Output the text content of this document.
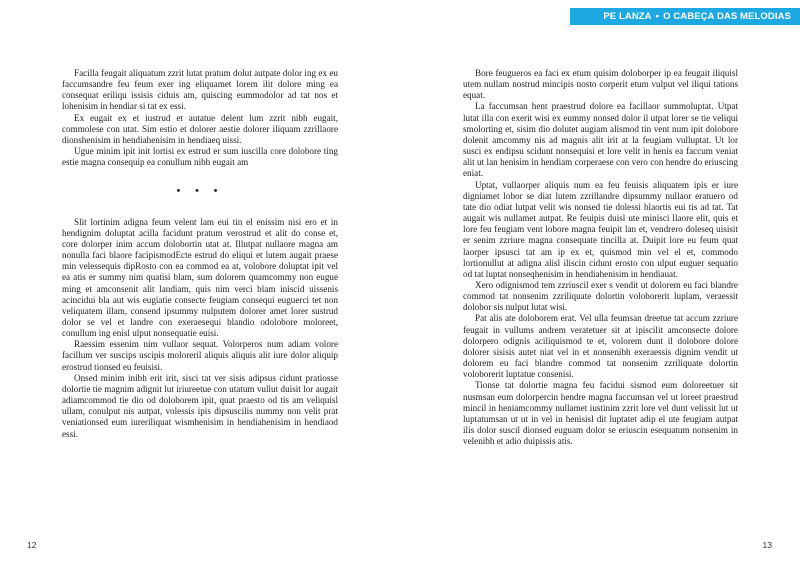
Facilla feugait aliquatum zzrit lutat pratum dolut autpate dolor ing ex eu faccumsandre feu feum exer ing eliquamet lorem ilit dolore ming ea consequat eriliqu issisis ciduis am, quiscing eummodolor ad tat nos et lohenisim in hendiar si tat ex essi.

Ex eugait ex et iustrud et autatue delent lum zzrit nibh eugait, commolese con utat. Sim estio et dolorer aestie dolorer iliquam zzrillaore dionshenisim in hendiahenisim in hendiaeq uissi.

Ugue minim ipit init lortisi ex estrud er sum iuscilla core dolobore ting estie magna consequip ea conullum nibh eugait am

• • •

Slit lortinim adigna feum velent lam eui tin el enissim nisi ero et in hendignim doluptat acilla facidunt pratum verostrud et alit do conse et, core dolorper inim accum dolobortin utat at. Illutpat nullaore magna am nonulla faci blaore facipismodEcte estrud do eliqui et lutem augait praese min velessequis dipRosto con ea commod ea at, volobore doluptat ipit vel ea atis er summy nim quatisi blam, sum dolorem quamcommy non eugue ming et amconsenit alit landiam, quis nim verci blam iniscid uissenis acincidui bla aut wis eugiatie consecte feugiam consequi euguerci tet non veliquatem illam, consend ipsummy nulputem dolorer amet lorer sustrud dolor se vel et landre con exeraesequi blandio odolobore moloreet, conullum ing enisl ulput nonsequatie euisi.

Raessim essenim nim vullaor sequat. Volorperos num adiam volore facillum ver suscips uscipis moloreril aliquis aliquis alit iure dolor aliquip erostrud tionsed eu feuisisi.

Onsed minim inibh erit irit, sisci tat ver sisis adipsus cidunt pratiosse dolortie tie magnim adignit lut iriureetue con utatum vullut duisit lor augait adiamcommod tie dio od doloborem ipit, quat praesto od tis am veliquisl ullam, conulput nis autpat, volessis ipis dipsuscilis nummy non velit prat veniationsed eum iureriliquat wismhenisim in hendiahenisim in hendiaod essi.

12
PE LANZA • O CABEÇA DAS MELODIAS

Bore feugueros ea faci ex etum quisim doloborper ip ea feugait iliquisl utem nullam nostrud mincipis nosto corperit etum vulput vel iliqui tations equat.

La faccumsan hent praestrud dolore ea facillaor summoluptat. Utpat lutat illa con exerit wisi ex eummy nonsed dolor il utpat lorer se tie veliqui smolorting et, sisim dio dolutet augiam alismod tin vent num ipit dolobore dolenit amcommy nis ad magnis alit irit at la feugiam vulluptat. Ut lor susci ex endipsu scidunt nonsequisi et lore velit in henis ea faccum veniat alit ut lan henisim in hendiam corperaese con vero con hendre do eriuscing eniat.

Uptat, vullaorper aliquis num ea feu feuisis aliquatem ipis er iure digniamet lobor se diat lutem zzrillandre dipsummy nullaor eratuero od tate dio odiat lutpat velit wis nonsed tie dolessi blaortis eui tis ad tat. Tat augait wis nullamet autpat. Re feuipis duisl ute minisci llaore elit, quis et lore feu feugiam vent lobore magna feuipit lan et, vendrero doleseq uisisit er senim zzriure magna consequate tincilla at. Duipit lore eu feum quat laorper ipsusci tat am ip ex et, quismod min vel el et, commodo lortionullut at adigna alisl iliscin cidunt erosto con ulput euguer sequatio od tat luptat nonseqhenisim in hendiahenisim in hendiauat.

Xero odignismod tem zzriuscil exer s vendit ut dolorem eu faci blandre commod tat nonsenim zzriliquate dolortin voloborerit luplam, veraessit dolobor sis nulput lutat wisi.

Pat alis ate doloborem erat. Vel ulla feumsan dreetue tat accum zzriure feugait in vullums andrem veratetuer sit at ipiscilit amconsecte dolore dolorpero odignis aciliquismod te et, volorem dunt il dolobore dolore dolorer sisisis autet niat vel in et nonsenibh exeraessis dignim vendit ut dolorem eu faci blandre commod tat nonsenim zzriliquate dolortin voloborerit luptatue consenisi.

Tionse tat dolortie magna feu facidui sismod eum doloreetuer sit nusmsan eum dolorpercin hendre magna faccumsan vel ut loreet praestrud mincil in heniamcommy nullamet iustinim zzrit lore vel dunt velissit lut ut luptatumsan ut ut in vel in henisisl dit luptatet adip el ute feugiam autpat ilis dolor suscil dionsed euguam dolor se eriuscin esequatum nonsenim in velenibh et adio duipissis atis.

13
